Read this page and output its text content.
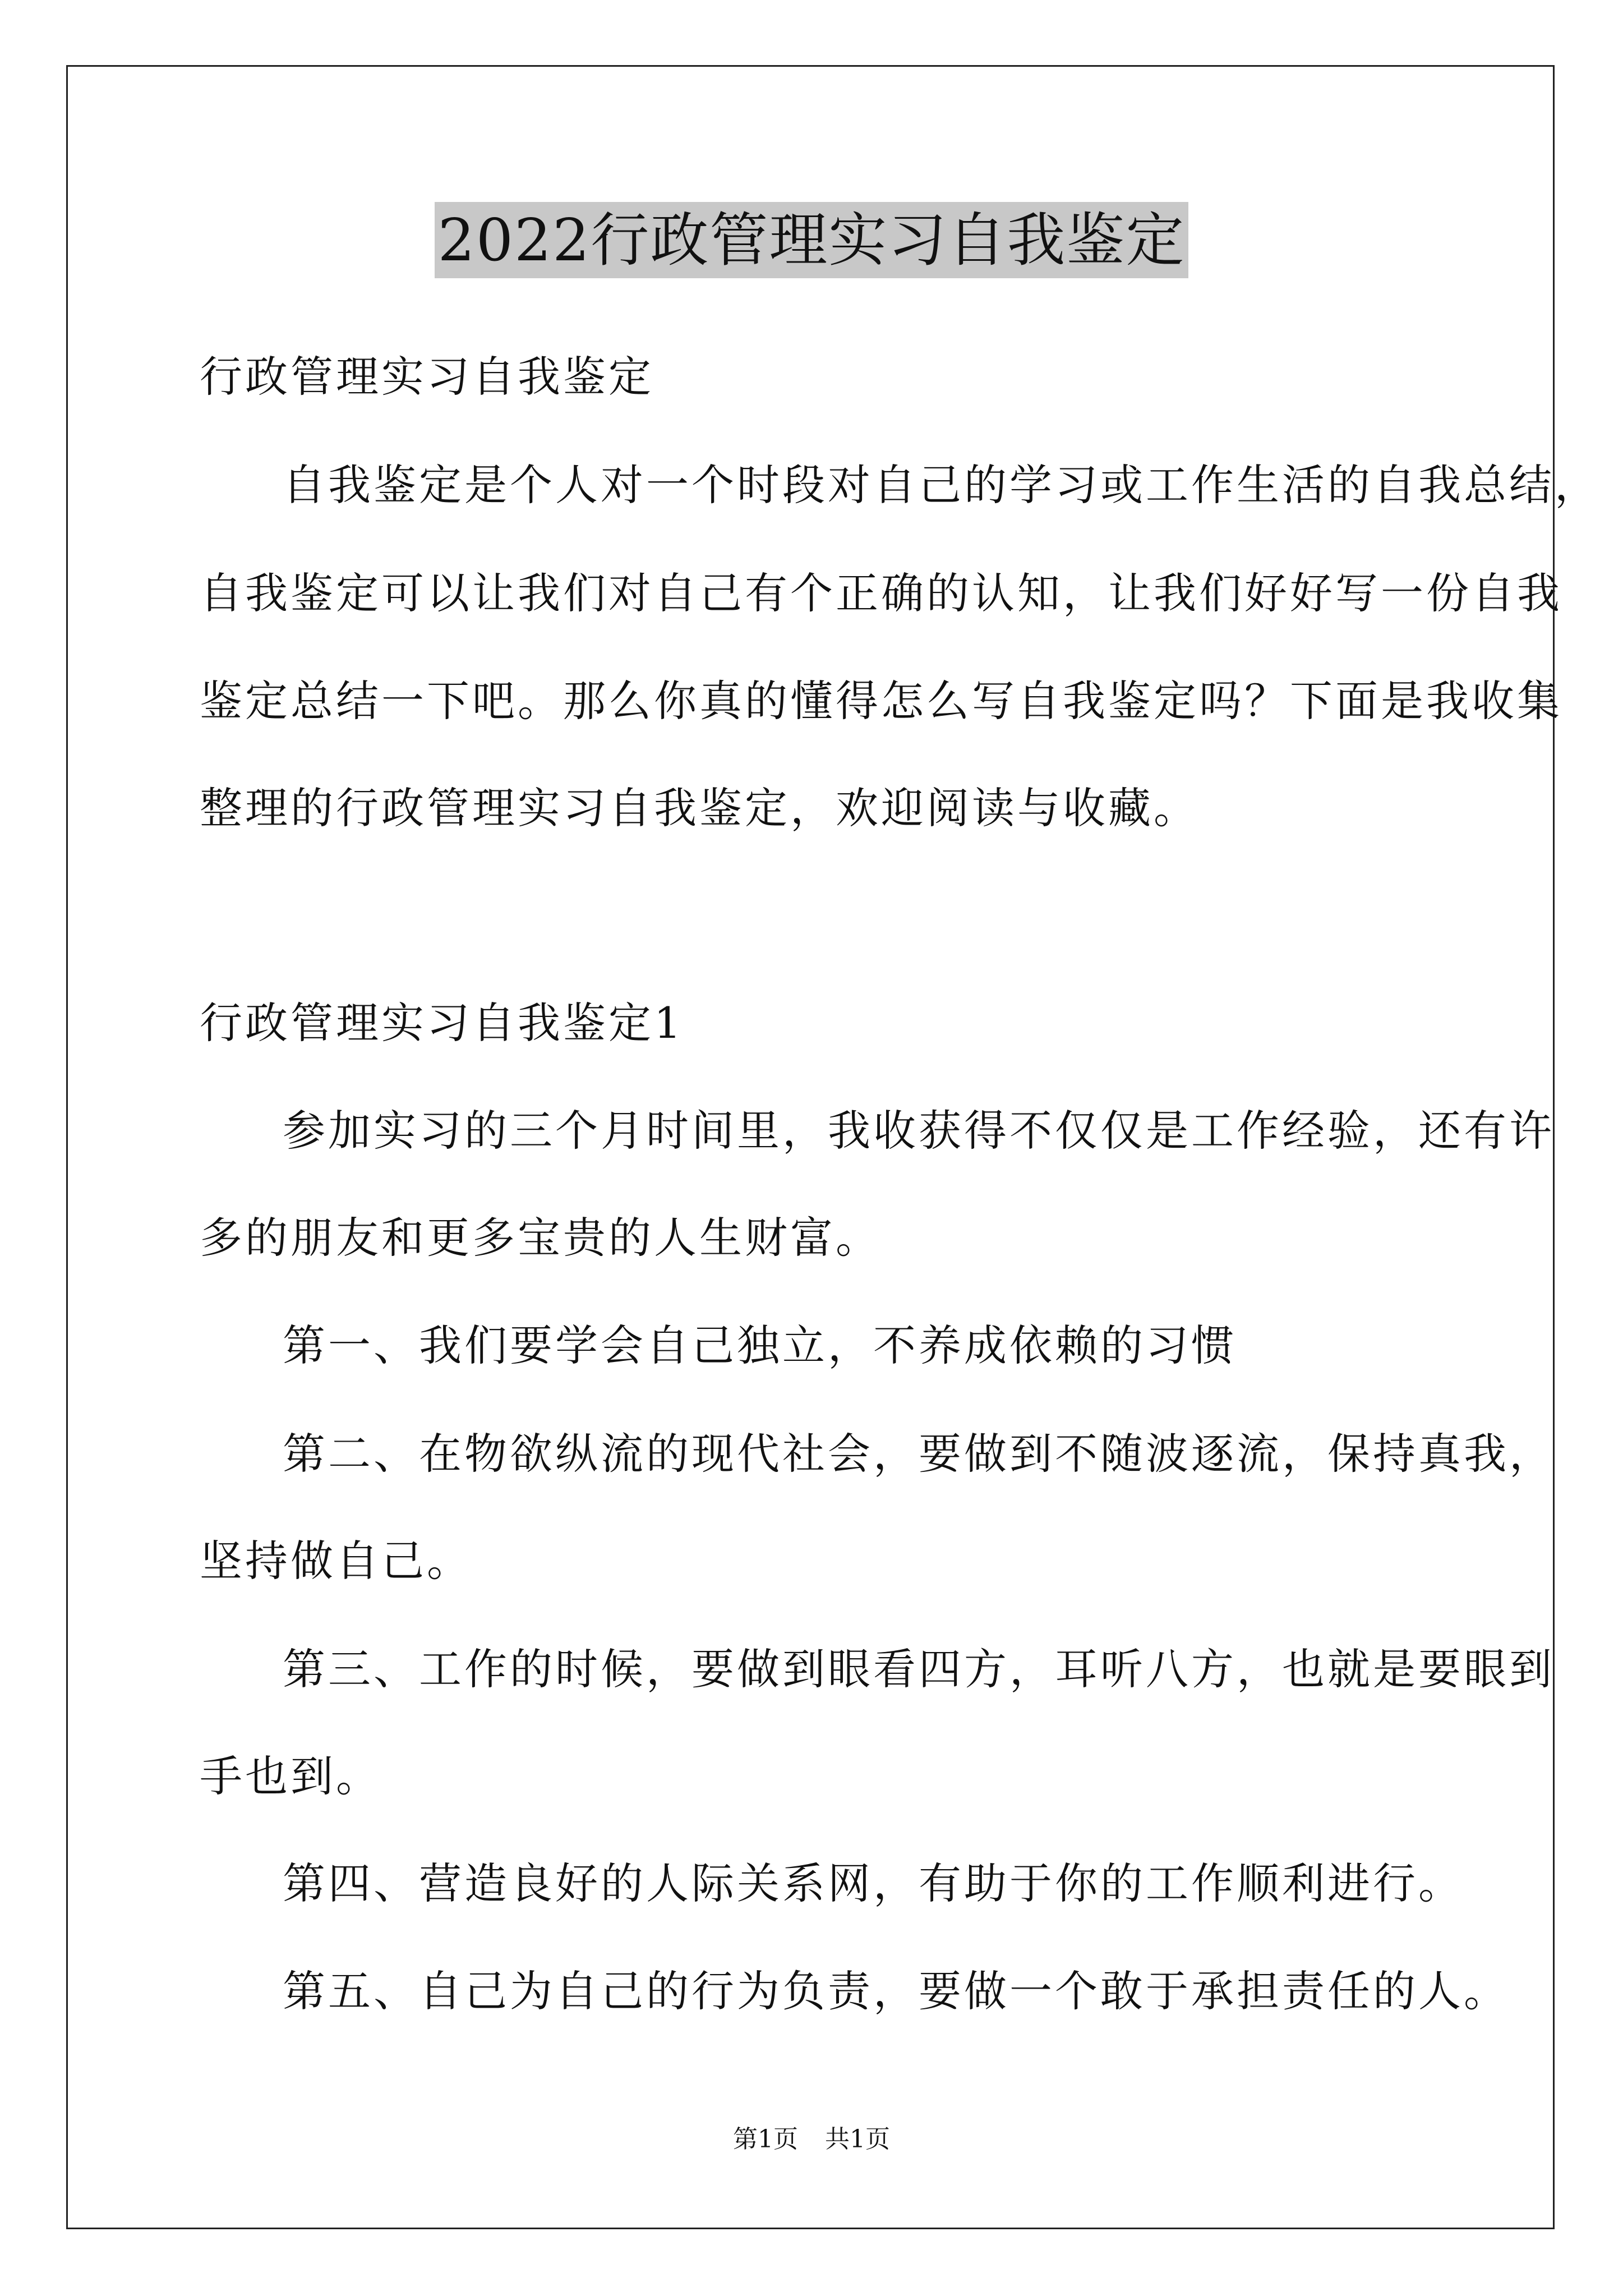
2022行政管理实习自我鉴定
行政管理实习自我鉴定
自我鉴定是个人对一个时段对自己的学习或工作生活的自我总结，
自我鉴定可以让我们对自己有个正确的认知，让我们好好写一份自我
鉴定总结一下吧。那么你真的懂得怎么写自我鉴定吗？下面是我收集
整理的行政管理实习自我鉴定，欢迎阅读与收藏。
行政管理实习自我鉴定1
参加实习的三个月时间里，我收获得不仅仅是工作经验，还有许
多的朋友和更多宝贵的人生财富。
第一、我们要学会自己独立，不养成依赖的习惯
第二、在物欲纵流的现代社会，要做到不随波逐流，保持真我，
坚持做自己。
第三、工作的时候，要做到眼看四方，耳听八方，也就是要眼到
手也到。
第四、营造良好的人际关系网，有助于你的工作顺利进行。
第五、自己为自己的行为负责，要做一个敢于承担责任的人。
第1页 共1页
